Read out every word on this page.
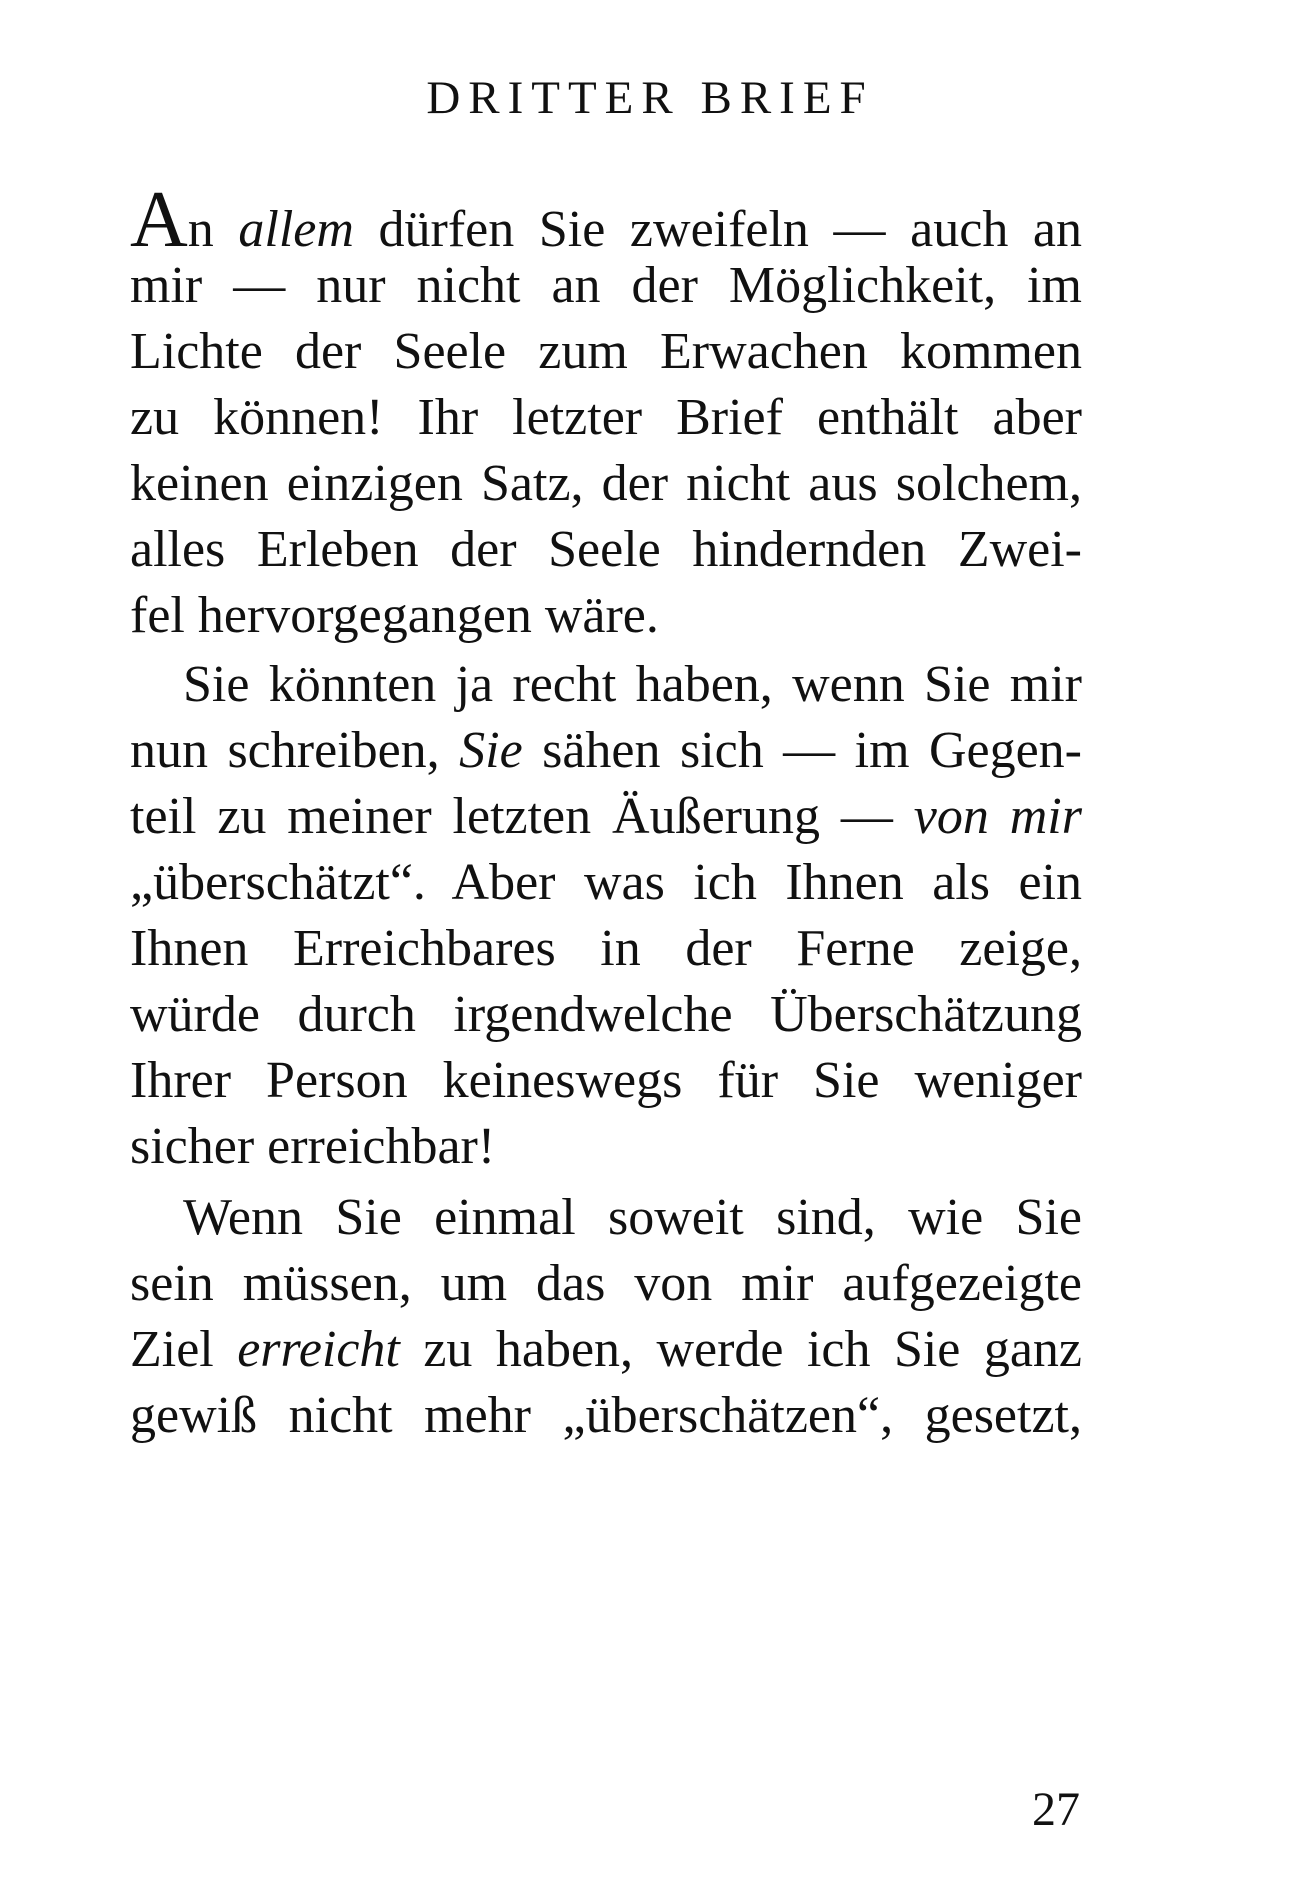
DRITTER BRIEF

An allem dürfen Sie zweifeln — auch an

mir — nur nicht an der Möglichkeit, im

Lichte der Seele zum Erwachen kommen

zu können! Ihr letzter Brief enthält aber

keinen einzigen Satz, der nicht aus solchem,

alles Erleben der Seele hindernden Zwei-

fel hervorgegangen wäre.

Sie könnten ja recht haben, wenn Sie mir

nun schreiben, Sie sähen sich — im Gegen-

teil zu meiner letzten Äußerung — von mir

„überschätzt“. Aber was ich Ihnen als ein

Ihnen Erreichbares in der Ferne zeige,

würde durch irgendwelche Überschätzung

Ihrer Person keineswegs für Sie weniger

sicher erreichbar!

Wenn Sie einmal soweit sind, wie Sie

sein müssen, um das von mir aufgezeigte

Ziel erreicht zu haben, werde ich Sie ganz

gewiß nicht mehr „überschätzen“, gesetzt,

27
